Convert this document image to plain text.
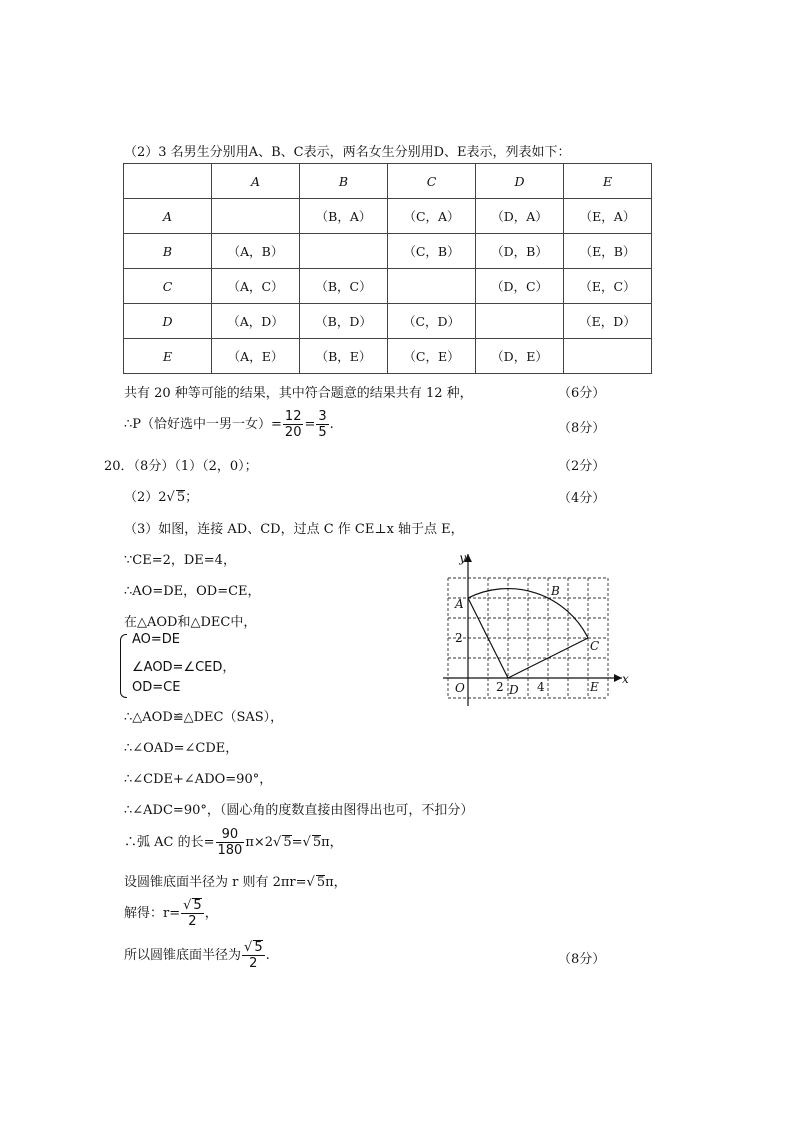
（2）3 名男生分别用A、B、C表示，两名女生分别用D、E表示，列表如下：
	A	B	C	D	E
A		（B，A）	（C，A）	（D，A）	（E，A）
B	（A，B）		（C，B）	（D，B）	（E，B）
C	（A，C）	（B，C）		（D，C）	（E，C）
D	（A，D）	（B，D）	（C，D）		（E，D）
E	（A，E）	（B，E）	（C，E）	（D，E）	
共有 20 种等可能的结果，其中符合题意的结果共有 12 种，	（6分）
∴P（恰好选中一男一女）= $\frac{12}{20} = \frac{3}{5}$ .	（8分）
20．（8分）（1）（2，0）；	（2分）
（2）2√ 5；	（4分）
（3）如图，连接 AD、CD，过点 C 作 CE⊥x 轴于点 E，
∵CE=2，DE=4，
∴AO=DE，OD=CE，
在△AOD和△DEC中，
AO=DE
∠AOD=∠CED，
OD=CE
∴△AOD≌△DEC（SAS），
∴∠OAD=∠CDE，
∴∠CDE+∠ADO=90°，
∴∠ADC=90°，（圆心角的度数直接由图得出也可，不扣分）
∴弧 AC 的长= $\frac{90}{180} \pi\times 2√$ 5=√ 5π，
设圆锥底面半径为 r 则有 2πr=√ 5π，
解得：$r= \frac{√ 5}{2}$ ，
所以圆锥底面半径为 $\frac{√ 5}{2}$ .	（8分）
y
x
O
A
B
C
D	E
2	4
2
